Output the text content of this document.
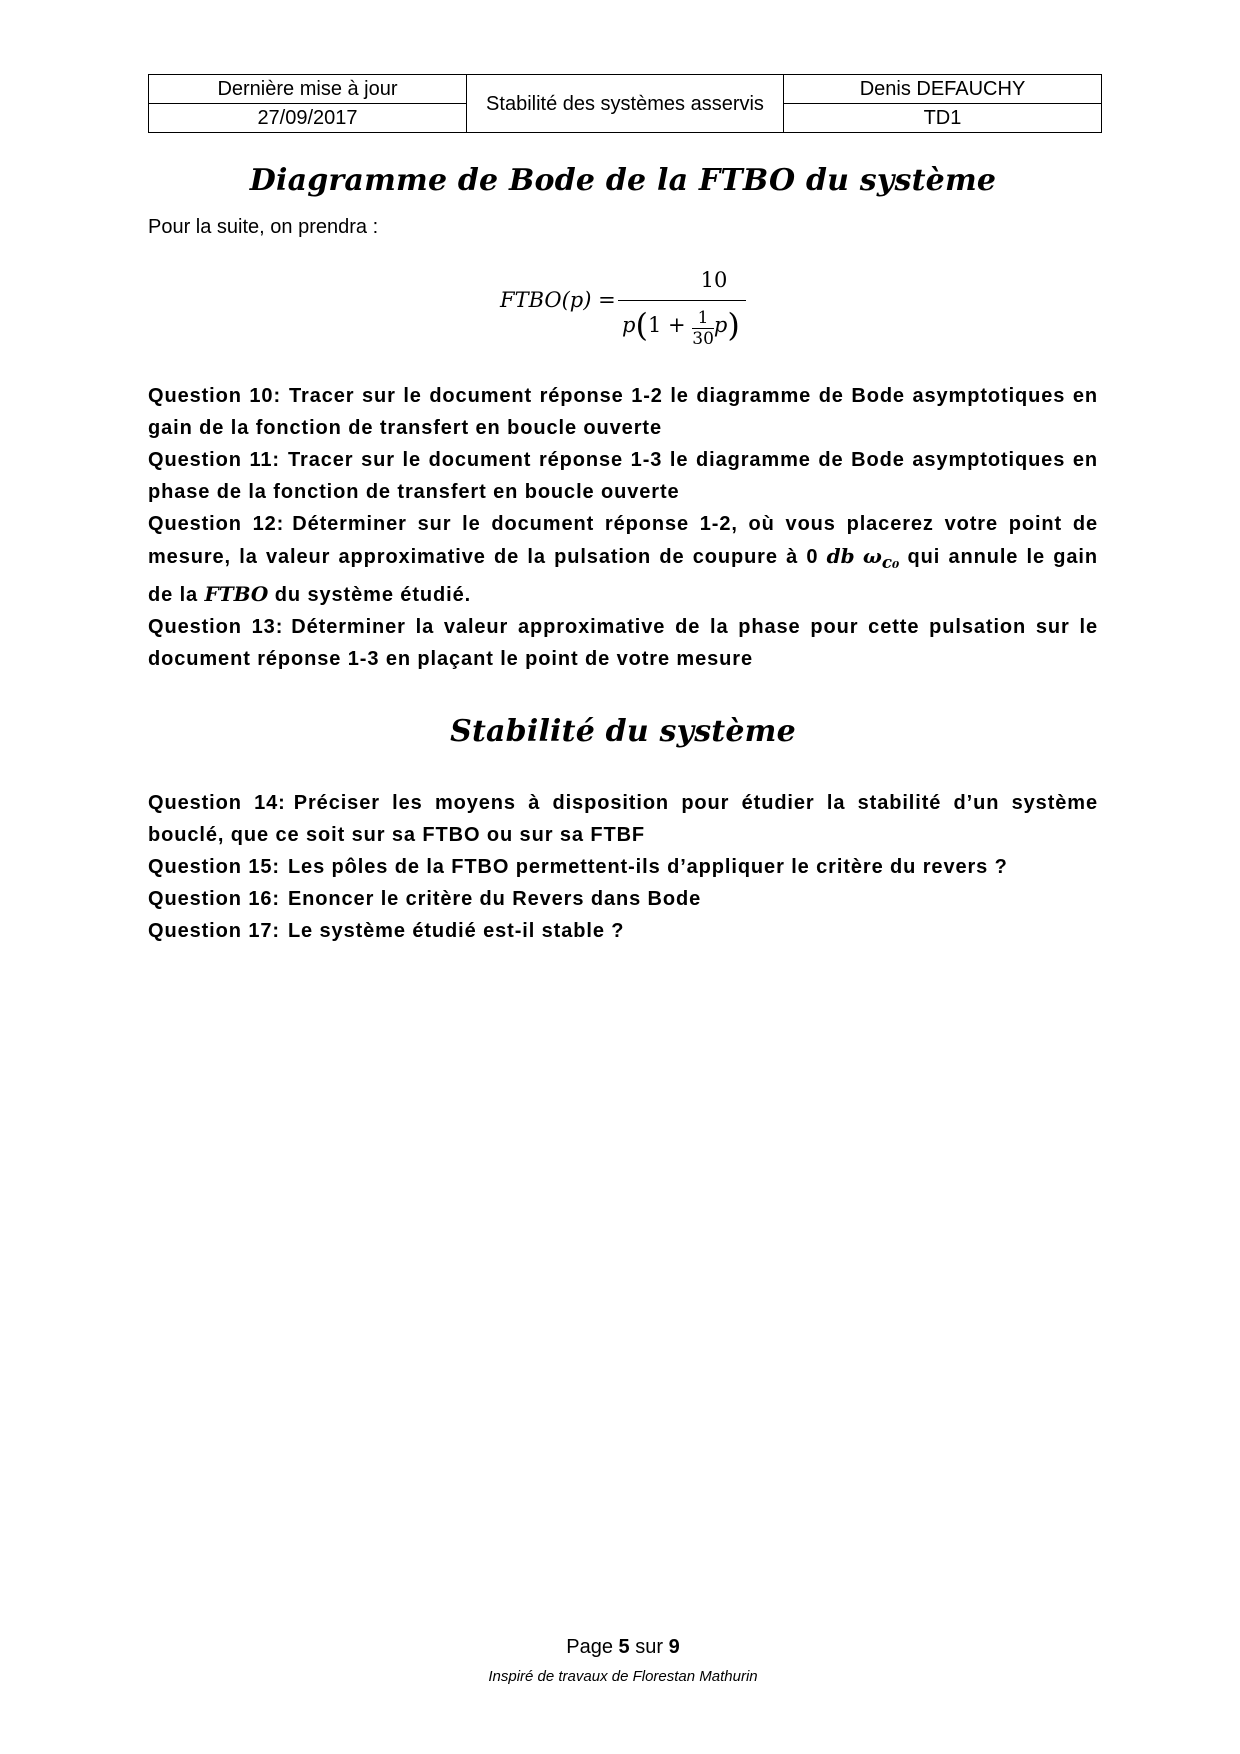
Dernière mise à jour	Stabilité des systèmes asservis	Denis DEFAUCHY
27/09/2017		TD1
Diagramme de Bode de la FTBO du système

Pour la suite, on prendra :

FTBO(p) =
10
$p(1 + \frac{1}{30} p)$

Question 10: Tracer sur le document réponse 1-2 le diagramme de Bode asymptotiques en gain de la fonction de transfert en boucle ouverte

Question 11: Tracer sur le document réponse 1-3 le diagramme de Bode asymptotiques en phase de la fonction de transfert en boucle ouverte

Question 12: Déterminer sur le document réponse 1-2, où vous placerez votre point de mesure, la valeur approximative de la pulsation de coupure à 0 db $\omega_{c_0}$ qui annule le gain de la FTBO du système étudié.

Question 13: Déterminer la valeur approximative de la phase pour cette pulsation sur le document réponse 1-3 en plaçant le point de votre mesure

Stabilité du système

Question 14: Préciser les moyens à disposition pour étudier la stabilité d’un système bouclé, que ce soit sur sa FTBO ou sur sa FTBF

Question 15: Les pôles de la FTBO permettent-ils d’appliquer le critère du revers ?

Question 16: Enoncer le critère du Revers dans Bode

Question 17: Le système étudié est-il stable ?

Page 5 sur 9
Inspiré de travaux de Florestan Mathurin
